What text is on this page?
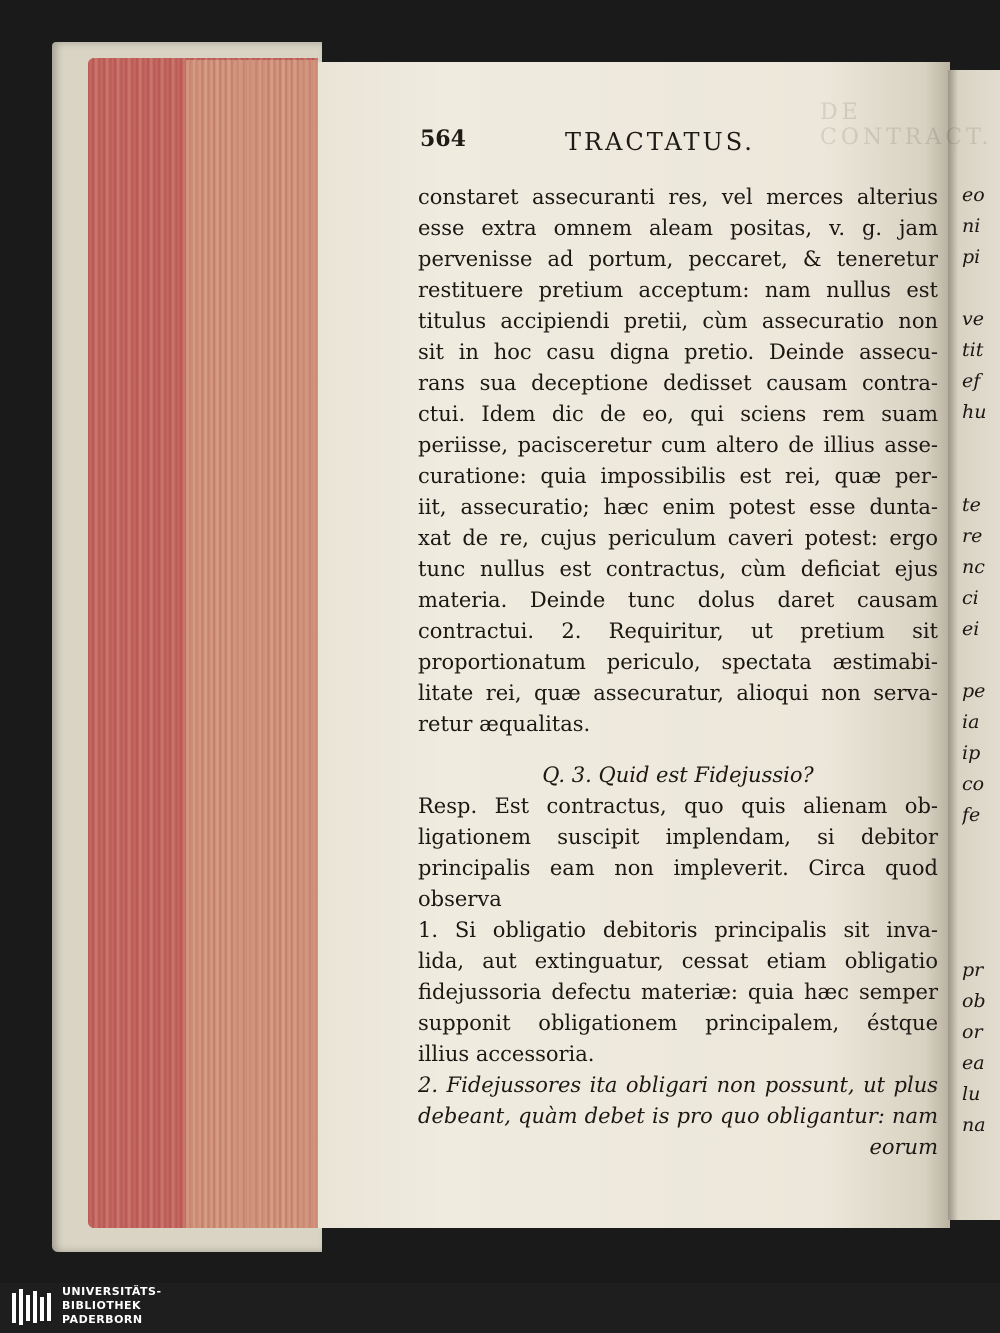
DE CONTRACT.
564	TRACTATUS.
constaret assecuranti res, vel merces alterius
esse extra omnem aleam positas, v. g. jam
pervenisse ad portum, peccaret, & teneretur
restituere pretium acceptum: nam nullus est
titulus accipiendi pretii, cùm assecuratio non
sit in hoc casu digna pretio. Deinde assecu-
rans sua deceptione dedisset causam contra-
ctui. Idem dic de eo, qui sciens rem suam
periisse, pacisceretur cum altero de illius asse-
curatione: quia impossibilis est rei, quæ per-
iit, assecuratio; hæc enim potest esse dunta-
xat de re, cujus periculum caveri potest: ergo
tunc nullus est contractus, cùm deficiat ejus
materia. Deinde tunc dolus daret causam
contractui. 2. Requiritur, ut pretium sit
proportionatum periculo, spectata æstimabi-
litate rei, quæ assecuratur, alioqui non serva-
retur æqualitas.
Q. 3. Quid est Fidejussio?
Resp. Est contractus, quo quis alienam ob-
ligationem suscipit implendam, si debitor
principalis eam non impleverit. Circa quod
observa
1. Si obligatio debitoris principalis sit inva-
lida, aut extinguatur, cessat etiam obligatio
fidejussoria defectu materiæ: quia hæc semper
supponit obligationem principalem, éstque
illius accessoria.
2. Fidejussores ita obligari non possunt, ut plus
debeant, quàm debet is pro quo obligantur: nam
eorum
eo
ni
pi
ve
tit
ef
hu
te
re
nc
ci
ei
pe
ia
ip
co
fe
pr
ob
or
ea
lu
na
UNIVERSITÄTS-
BIBLIOTHEK
PADERBORN
